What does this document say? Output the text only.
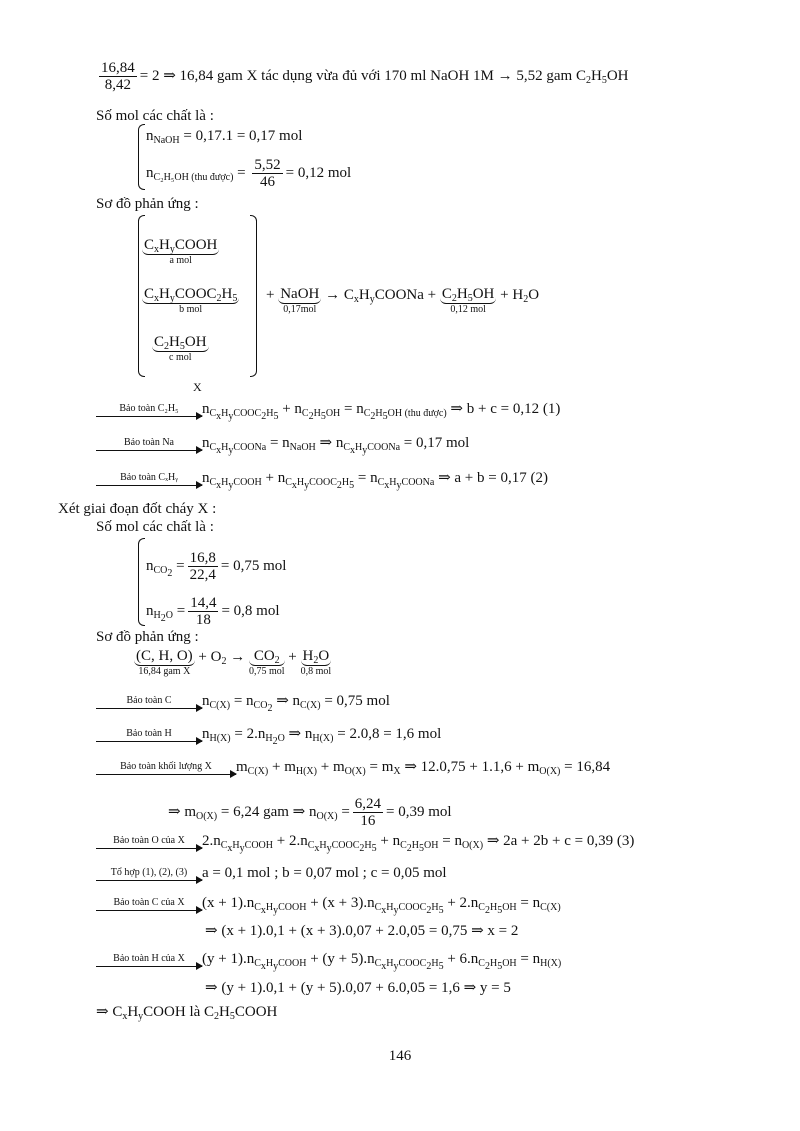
$\frac{16,84}{8,42} = 2$ ⇒ 16,84 gam X tác dụng vừa đủ với 170 ml NaOH 1M → 5,52 gam $C_2H_5OH$
Số mol các chất là :
$n_{NaOH} = 0,17.1 = 0,17$ mol
$n_{C_2H_5OH (thu được)} = \frac{5,52}{46} = 0,12$ mol
Sơ đồ phản ứng :
$C_xH_yCOOH$
a mol
$C_xH_yCOOC_2H_5$
b mol
$C_2H_5OH$
c mol
X
+ NaOH
0,17mol
→ $C_xH_yCOONa + C_2H_5OH$
0,12 mol
+ $H_2O$
Bảo toàn C₂H₅	$n_{C_xH_yCOOC_2H_5} + n_{C_2H_5OH} = n_{C_2H_5OH (thu được)}$ ⇒ b + c = 0,12 (1)
Bảo toàn Na	$n_{C_xH_yCOONa} = n_{NaOH}$ ⇒ $n_{C_xH_yCOONa} = 0,17$ mol
Bảo toàn CₓHᵧ	$n_{C_xH_yCOOH} + n_{C_xH_yCOOC_2H_5} = n_{C_xH_yCOONa}$ ⇒ a + b = 0,17 (2)
Xét giai đoạn đốt cháy X :
Số mol các chất là :
$n_{CO_2} = \frac{16,8}{22,4} = 0,75$ mol
$n_{H_2O} = \frac{14,4}{18} = 0,8$ mol
Sơ đồ phản ứng :
(C, H, O)
16,84 gam X
+ $O_2 \to CO_2$
0,75 mol
+ $H_2O$
0,8 mol
Bảo toàn C	$n_{C(X)} = n_{CO_2}$ ⇒ $n_{C(X)} = 0,75$ mol
Bảo toàn H	$n_{H(X)} = 2.n_{H_2O}$ ⇒ $n_{H(X)} = 2.0,8 = 1,6$ mol
Bảo toàn khối lượng X	$m_{C(X)} + m_{H(X)} + m_{O(X)} = m_X$ ⇒ $12.0,75 + 1.1,6 + m_{O(X)} = 16,84$
⇒ $m_{O(X)} = 6,24$ gam ⇒ $n_{O(X)} = \frac{6,24}{16} = 0,39$ mol
Bảo toàn O của X	$2.n_{C_xH_yCOOH} + 2.n_{C_xH_yCOOC_2H_5} + n_{C_2H_5OH} = n_{O(X)}$ ⇒ 2a + 2b + c = 0,39 (3)
Tổ hợp (1), (2), (3) a = 0,1 mol ; b = 0,07 mol ; c = 0,05 mol
Bảo toàn C của X	$(x + 1).n_{C_xH_yCOOH} + (x + 3).n_{C_xH_yCOOC_2H_5} + 2.n_{C_2H_5OH} = n_{C(X)}$
⇒ (x + 1).0,1 + (x + 3).0,07 + 2.0,05 = 0,75 ⇒ x = 2
Bảo toàn H của X	$(y + 1).n_{C_xH_yCOOH} + (y + 5).n_{C_xH_yCOOC_2H_5} + 6.n_{C_2H_5OH} = n_{H(X)}$
⇒ (y + 1).0,1 + (y + 5).0,07 + 6.0,05 = 1,6 ⇒ y = 5
⇒ $C_xH_yCOOH$ là $C_2H_5COOH$
146
